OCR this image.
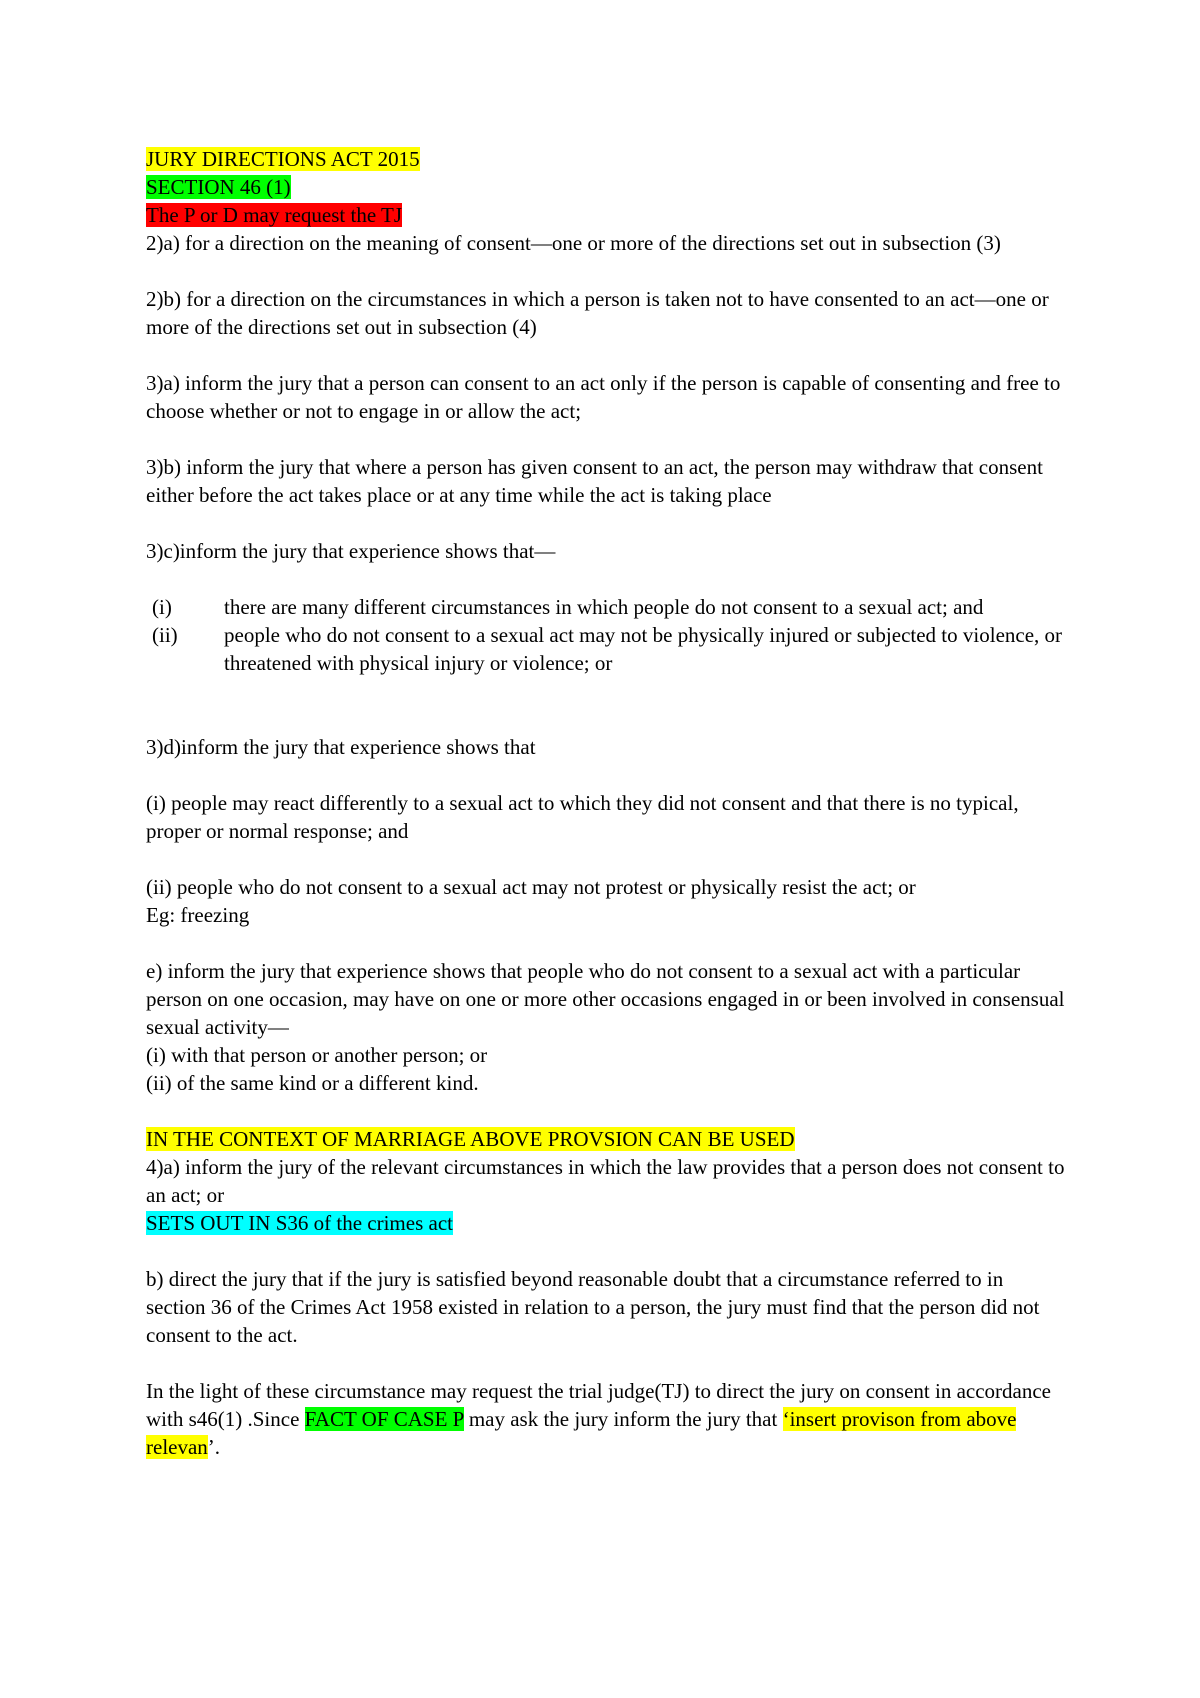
JURY DIRECTIONS ACT 2015

SECTION 46 (1)

The P or D may request the TJ

2)a) for a direction on the meaning of consent—one or more of the directions set out in subsection (3)

2)b) for a direction on the circumstances in which a person is taken not to have consented to an act—one or more of the directions set out in subsection (4)

3)a) inform the jury that a person can consent to an act only if the person is capable of consenting and free to choose whether or not to engage in or allow the act;

3)b) inform the jury that where a person has given consent to an act, the person may withdraw that consent either before the act takes place or at any time while the act is taking place

3)c)inform the jury that experience shows that—

(i) there are many different circumstances in which people do not consent to a sexual act; and
(ii) people who do not consent to a sexual act may not be physically injured or subjected to violence, or threatened with physical injury or violence; or

3)d)inform the jury that experience shows that

(i) people may react differently to a sexual act to which they did not consent and that there is no typical, proper or normal response; and

(ii) people who do not consent to a sexual act may not protest or physically resist the act; or

Eg: freezing

e) inform the jury that experience shows that people who do not consent to a sexual act with a particular person on one occasion, may have on one or more other occasions engaged in or been involved in consensual sexual activity—

(i) with that person or another person; or

(ii) of the same kind or a different kind.

IN THE CONTEXT OF MARRIAGE ABOVE PROVSION CAN BE USED

4)a) inform the jury of the relevant circumstances in which the law provides that a person does not consent to an act; or

SETS OUT IN S36 of the crimes act

b) direct the jury that if the jury is satisfied beyond reasonable doubt that a circumstance referred to in section 36 of the Crimes Act 1958 existed in relation to a person, the jury must find that the person did not consent to the act.

In the light of these circumstance may request the trial judge(TJ) to direct the jury on consent in accordance with s46(1) .Since FACT OF CASE P may ask the jury inform the jury that ‘insert provison from above relevan’.
